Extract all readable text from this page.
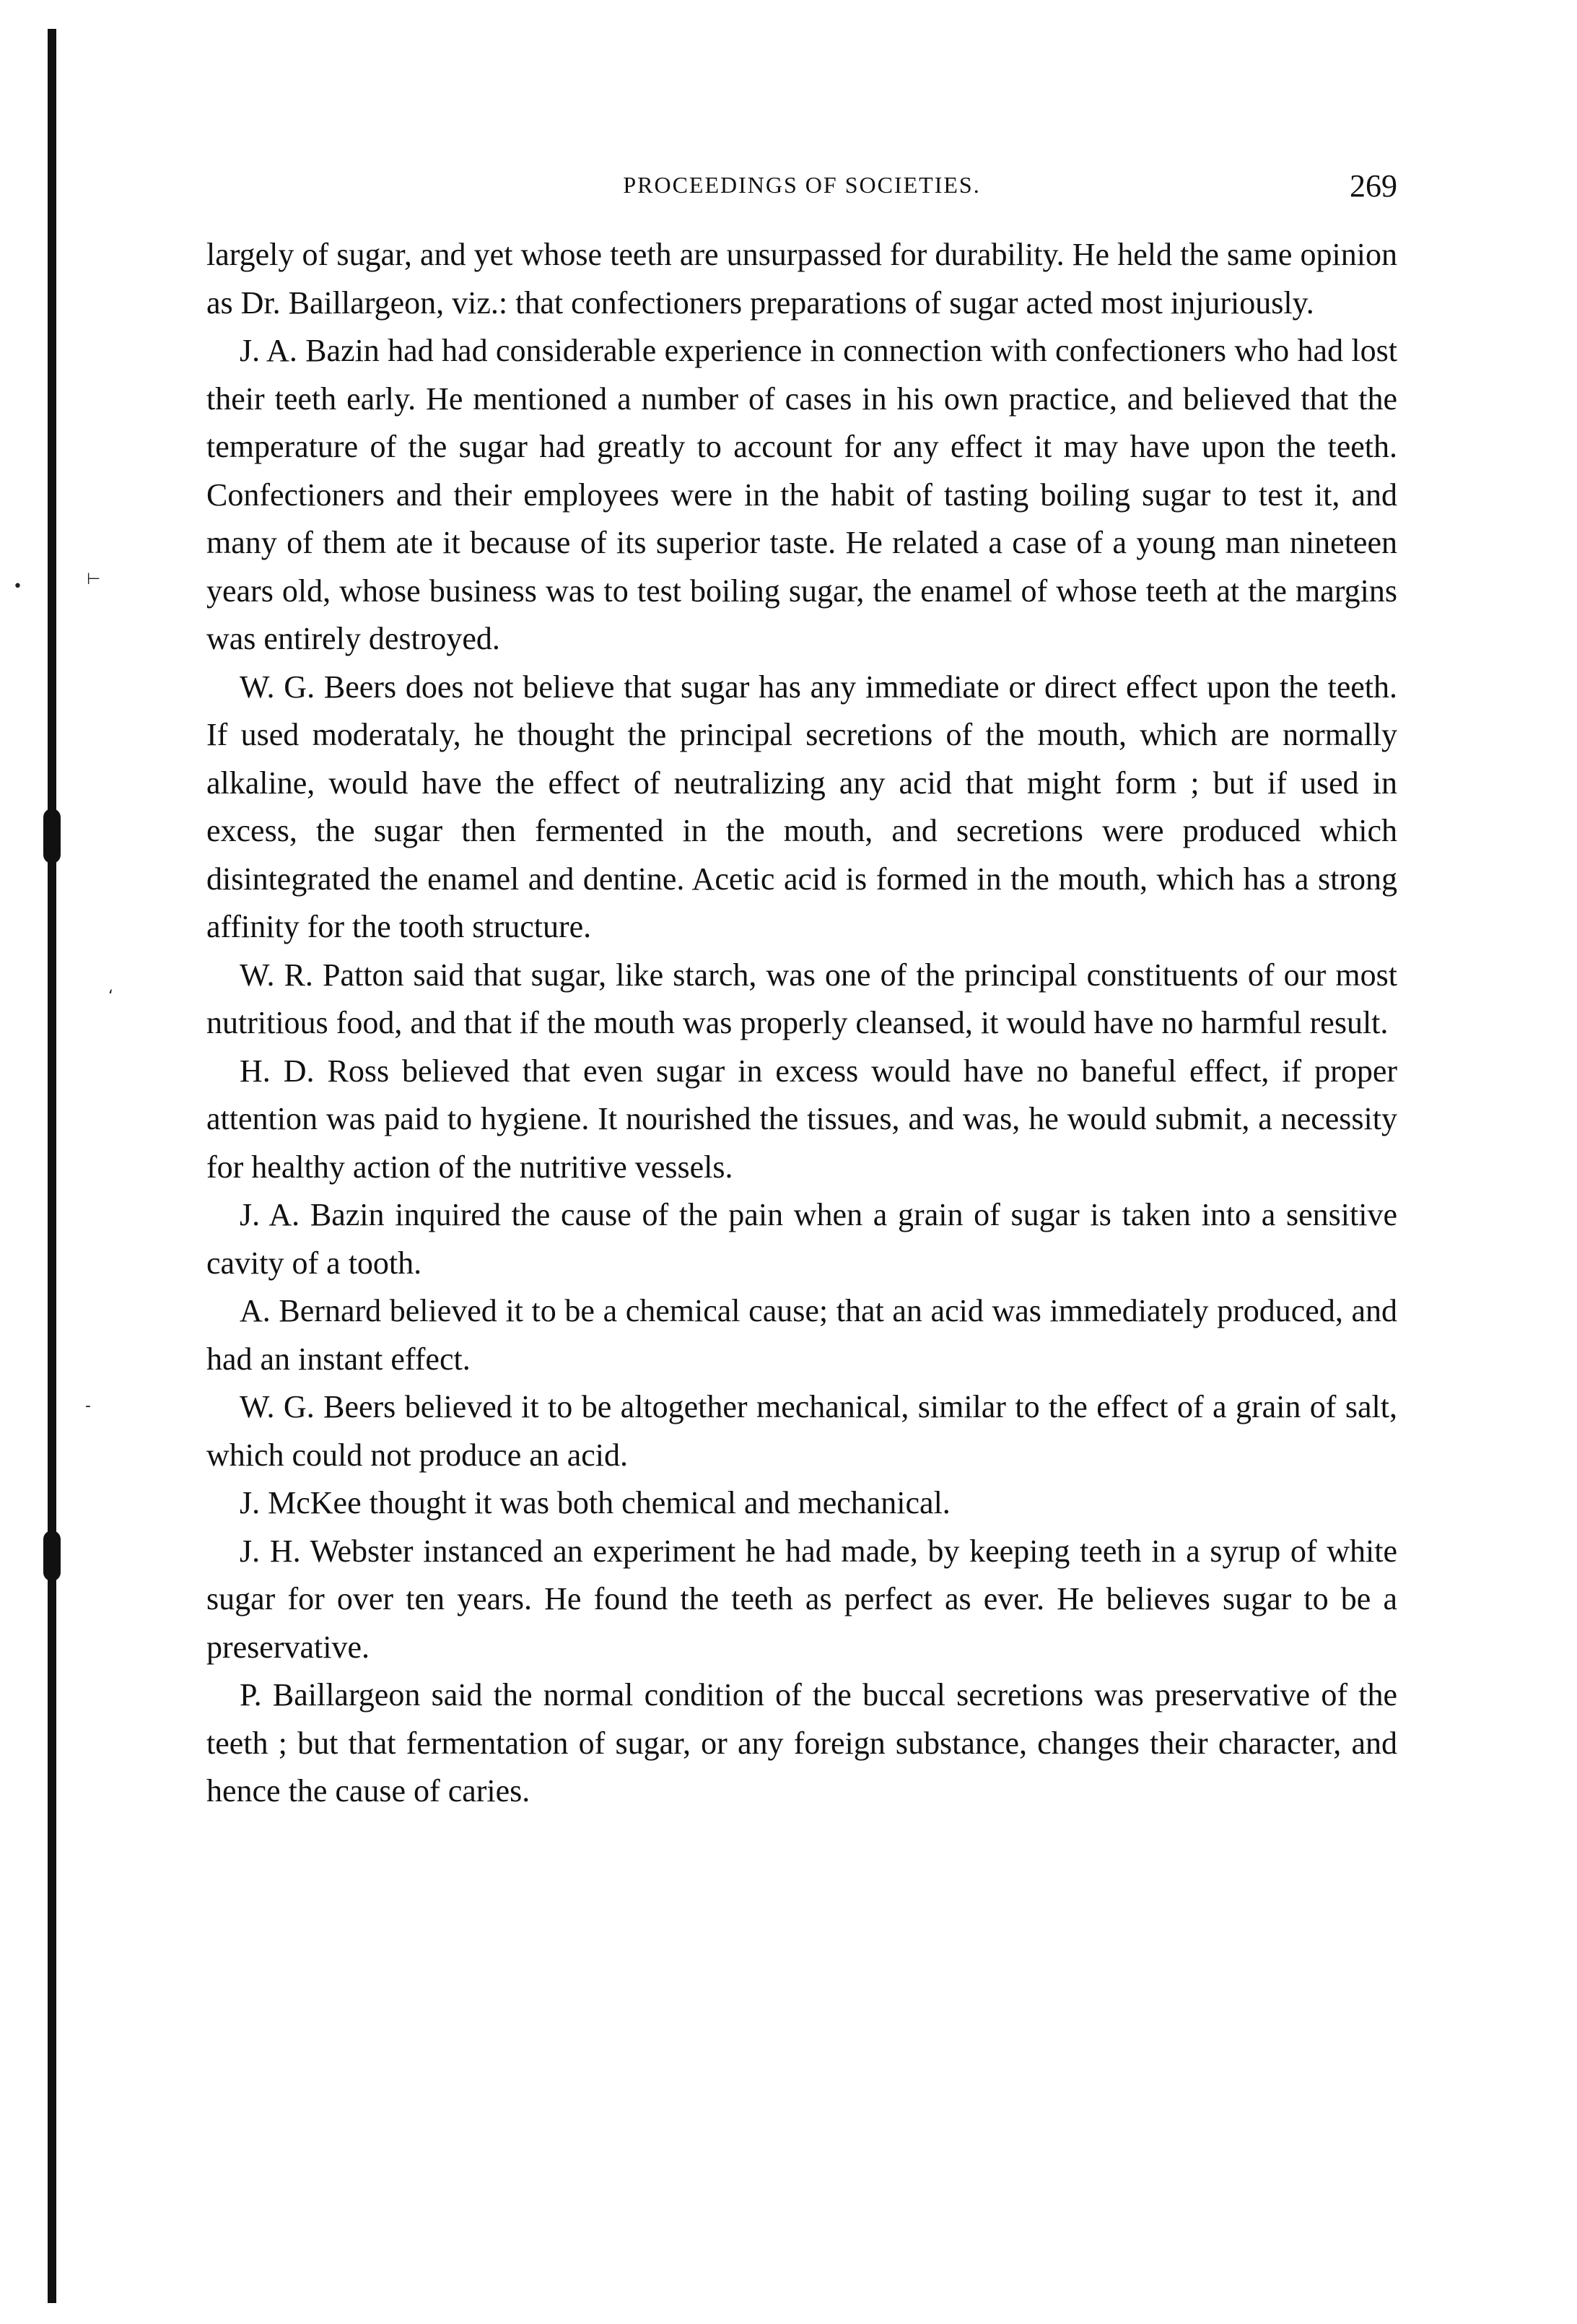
•	⊢
‘
-
PROCEEDINGS OF SOCIETIES.	269

largely of sugar, and yet whose teeth are unsurpassed for durability. He held the same opinion as Dr. Baillargeon, viz.: that confectioners preparations of sugar acted most injuriously.

J. A. Bazin had had considerable experience in connection with confectioners who had lost their teeth early. He mentioned a number of cases in his own practice, and believed that the temperature of the sugar had greatly to account for any effect it may have upon the teeth. Confectioners and their employees were in the habit of tasting boiling sugar to test it, and many of them ate it because of its superior taste. He related a case of a young man nineteen years old, whose business was to test boiling sugar, the enamel of whose teeth at the margins was entirely destroyed.

W. G. Beers does not believe that sugar has any immediate or direct effect upon the teeth. If used moderataly, he thought the principal secretions of the mouth, which are normally alkaline, would have the effect of neutralizing any acid that might form ; but if used in excess, the sugar then fermented in the mouth, and secretions were produced which disintegrated the enamel and dentine. Acetic acid is formed in the mouth, which has a strong affinity for the tooth structure.

W. R. Patton said that sugar, like starch, was one of the principal constituents of our most nutritious food, and that if the mouth was properly cleansed, it would have no harmful result.

H. D. Ross believed that even sugar in excess would have no baneful effect, if proper attention was paid to hygiene. It nourished the tissues, and was, he would submit, a necessity for healthy action of the nutritive vessels.

J. A. Bazin inquired the cause of the pain when a grain of sugar is taken into a sensitive cavity of a tooth.

A. Bernard believed it to be a chemical cause; that an acid was immediately produced, and had an instant effect.

W. G. Beers believed it to be altogether mechanical, similar to the effect of a grain of salt, which could not produce an acid.

J. McKee thought it was both chemical and mechanical.

J. H. Webster instanced an experiment he had made, by keeping teeth in a syrup of white sugar for over ten years. He found the teeth as perfect as ever. He believes sugar to be a preservative.

P. Baillargeon said the normal condition of the buccal secretions was preservative of the teeth ; but that fermentation of sugar, or any foreign substance, changes their character, and hence the cause of caries.
